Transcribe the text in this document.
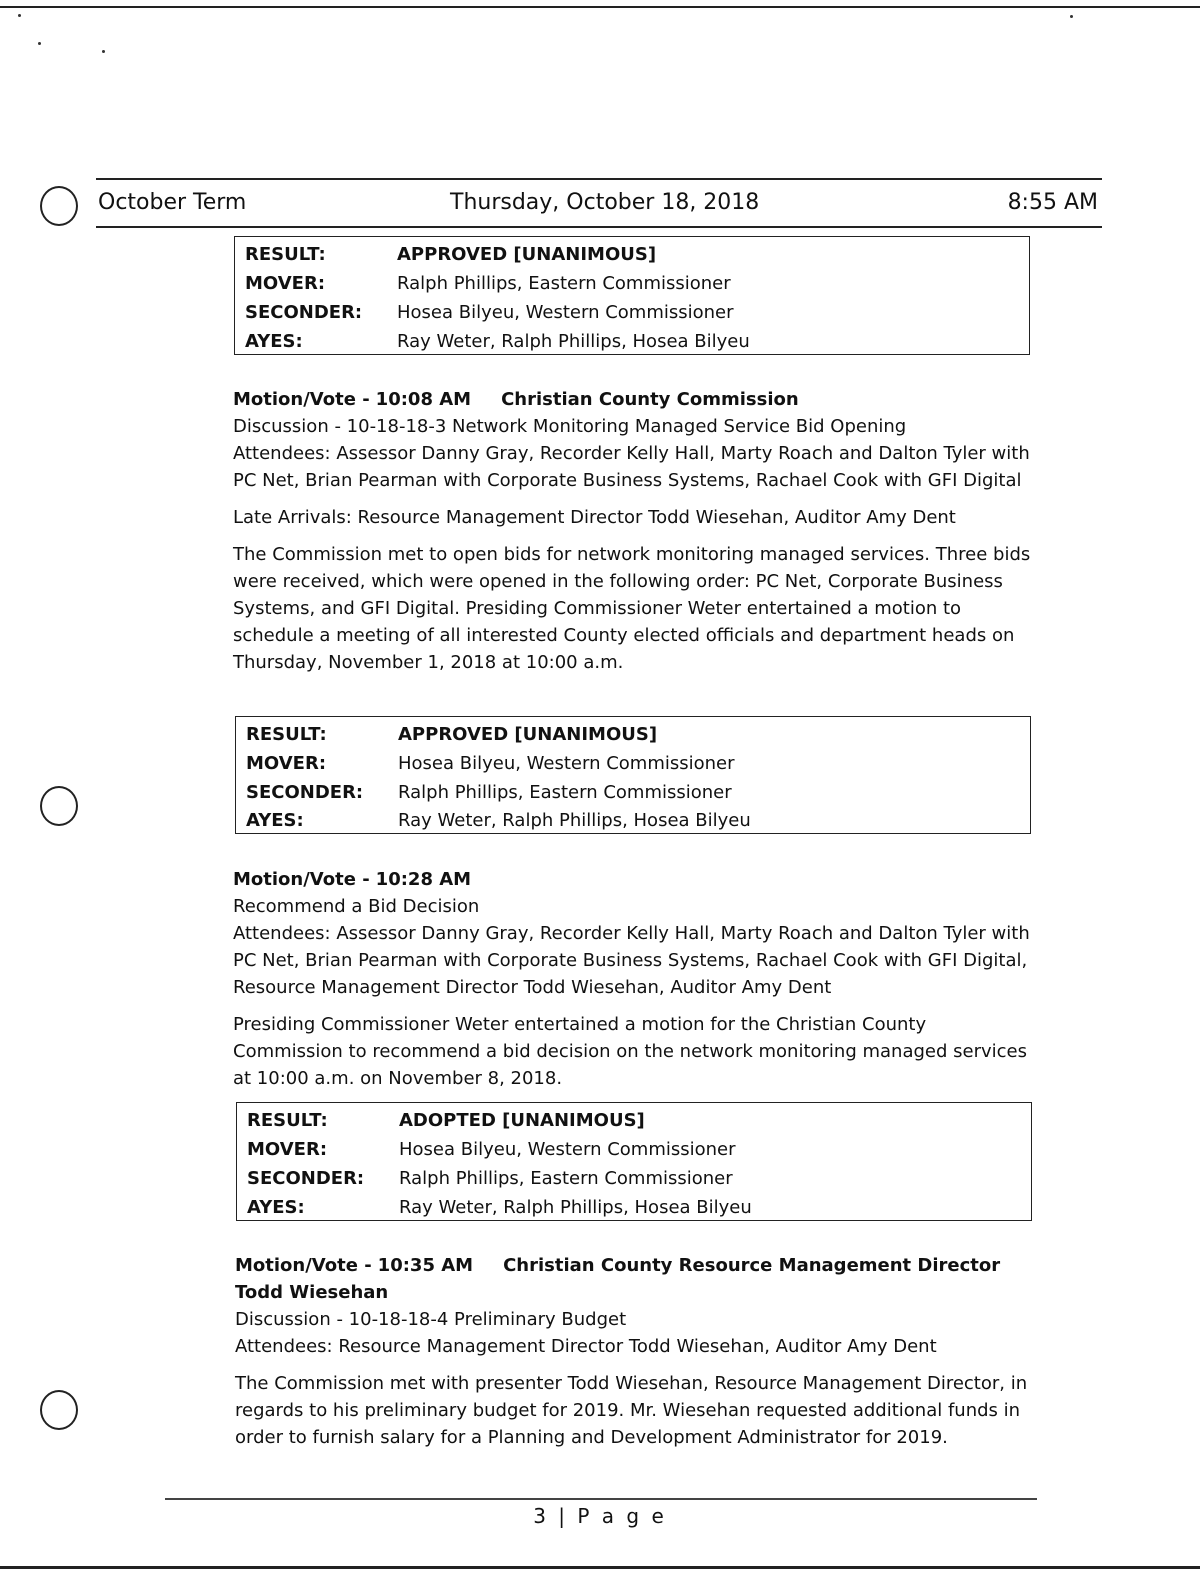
October Term	Thursday, October 18, 2018	8:55 AM
RESULT:	APPROVED [UNANIMOUS]
MOVER:	Ralph Phillips, Eastern Commissioner
SECONDER: Hosea Bilyeu, Western Commissioner
AYES:	Ray Weter, Ralph Phillips, Hosea Bilyeu
Motion/Vote - 10:08 AM Christian County Commission
Discussion - 10-18-18-3 Network Monitoring Managed Service Bid Opening

Attendees: Assessor Danny Gray, Recorder Kelly Hall, Marty Roach and Dalton Tyler with PC Net, Brian Pearman with Corporate Business Systems, Rachael Cook with GFI Digital

Late Arrivals: Resource Management Director Todd Wiesehan, Auditor Amy Dent

The Commission met to open bids for network monitoring managed services. Three bids were received, which were opened in the following order: PC Net, Corporate Business Systems, and GFI Digital. Presiding Commissioner Weter entertained a motion to schedule a meeting of all interested County elected officials and department heads on Thursday, November 1, 2018 at 10:00 a.m.

RESULT:	APPROVED [UNANIMOUS]
MOVER:	Hosea Bilyeu, Western Commissioner
SECONDER: Ralph Phillips, Eastern Commissioner
AYES:	Ray Weter, Ralph Phillips, Hosea Bilyeu
Motion/Vote - 10:28 AM
Recommend a Bid Decision

Attendees: Assessor Danny Gray, Recorder Kelly Hall, Marty Roach and Dalton Tyler with PC Net, Brian Pearman with Corporate Business Systems, Rachael Cook with GFI Digital, Resource Management Director Todd Wiesehan, Auditor Amy Dent

Presiding Commissioner Weter entertained a motion for the Christian County Commission to recommend a bid decision on the network monitoring managed services at 10:00 a.m. on November 8, 2018.

RESULT:	ADOPTED [UNANIMOUS]
MOVER:	Hosea Bilyeu, Western Commissioner
SECONDER: Ralph Phillips, Eastern Commissioner
AYES:	Ray Weter, Ralph Phillips, Hosea Bilyeu
Motion/Vote - 10:35 AM Christian County Resource Management Director Todd Wiesehan
Discussion - 10-18-18-4 Preliminary Budget

Attendees: Resource Management Director Todd Wiesehan, Auditor Amy Dent

The Commission met with presenter Todd Wiesehan, Resource Management Director, in regards to his preliminary budget for 2019. Mr. Wiesehan requested additional funds in order to furnish salary for a Planning and Development Administrator for 2019.

3 | P a g e
